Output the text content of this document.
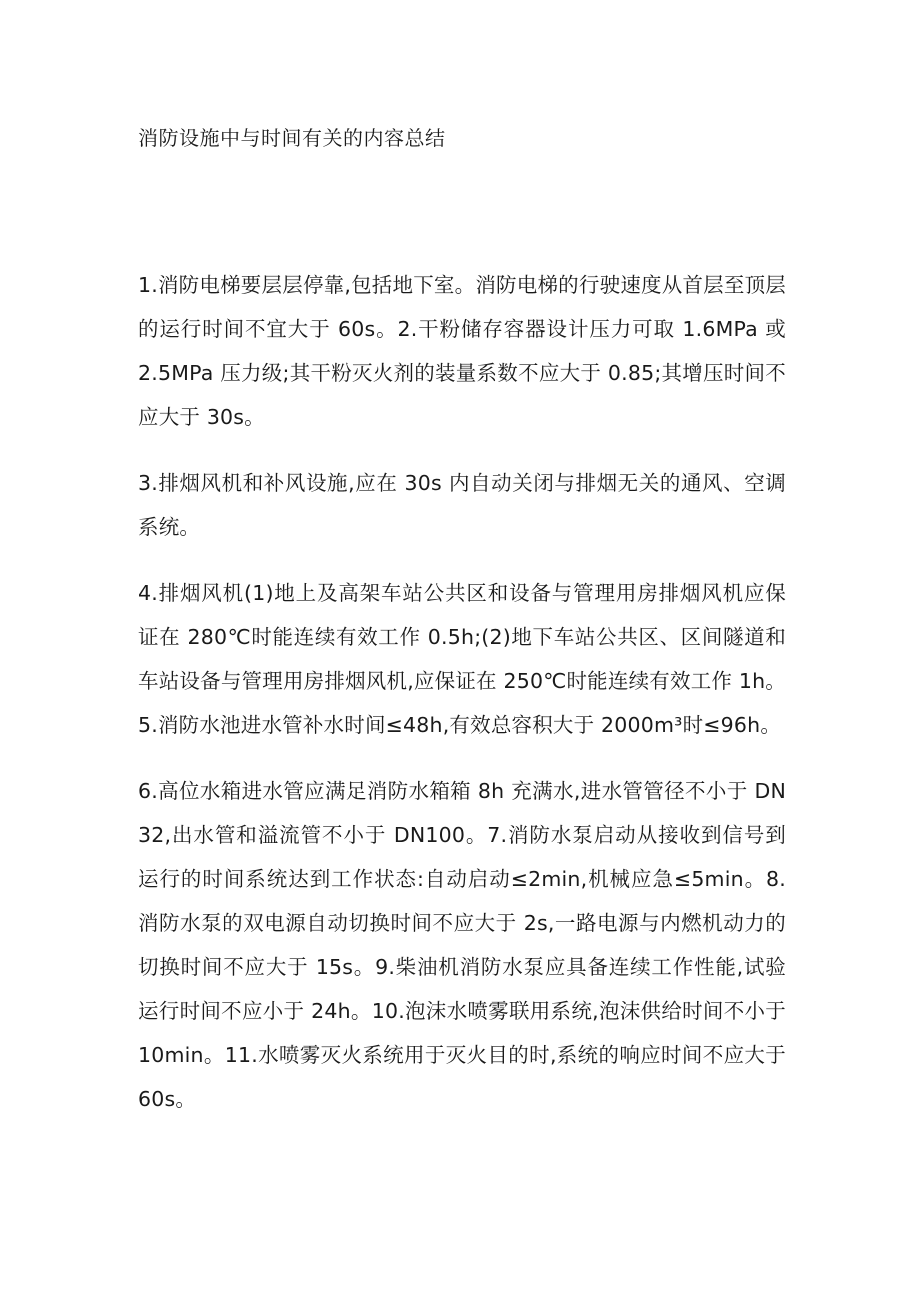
消防设施中与时间有关的内容总结

1.消防电梯要层层停靠,包括地下室。消防电梯的行驶速度从首层至顶层的运行时间不宜大于 60s。2.干粉储存容器设计压力可取 1.6MPa 或 2.5MPa 压力级;其干粉灭火剂的装量系数不应大于 0.85;其增压时间不应大于 30s。

3.排烟风机和补风设施,应在 30s 内自动关闭与排烟无关的通风、空调系统。

4.排烟风机(1)地上及高架车站公共区和设备与管理用房排烟风机应保证在 280℃时能连续有效工作 0.5h;(2)地下车站公共区、区间隧道和车站设备与管理用房排烟风机,应保证在 250℃时能连续有效工作 1h。5.消防水池进水管补水时间≤48h,有效总容积大于 2000m³时≤96h。

6.高位水箱进水管应满足消防水箱箱 8h 充满水,进水管管径不小于 DN32,出水管和溢流管不小于 DN100。7.消防水泵启动从接收到信号到运行的时间系统达到工作状态:自动启动≤2min,机械应急≤5min。8.消防水泵的双电源自动切换时间不应大于 2s,一路电源与内燃机动力的切换时间不应大于 15s。9.柴油机消防水泵应具备连续工作性能,试验运行时间不应小于 24h。10.泡沫水喷雾联用系统,泡沫供给时间不小于 10min。11.水喷雾灭火系统用于灭火目的时,系统的响应时间不应大于 60s。
